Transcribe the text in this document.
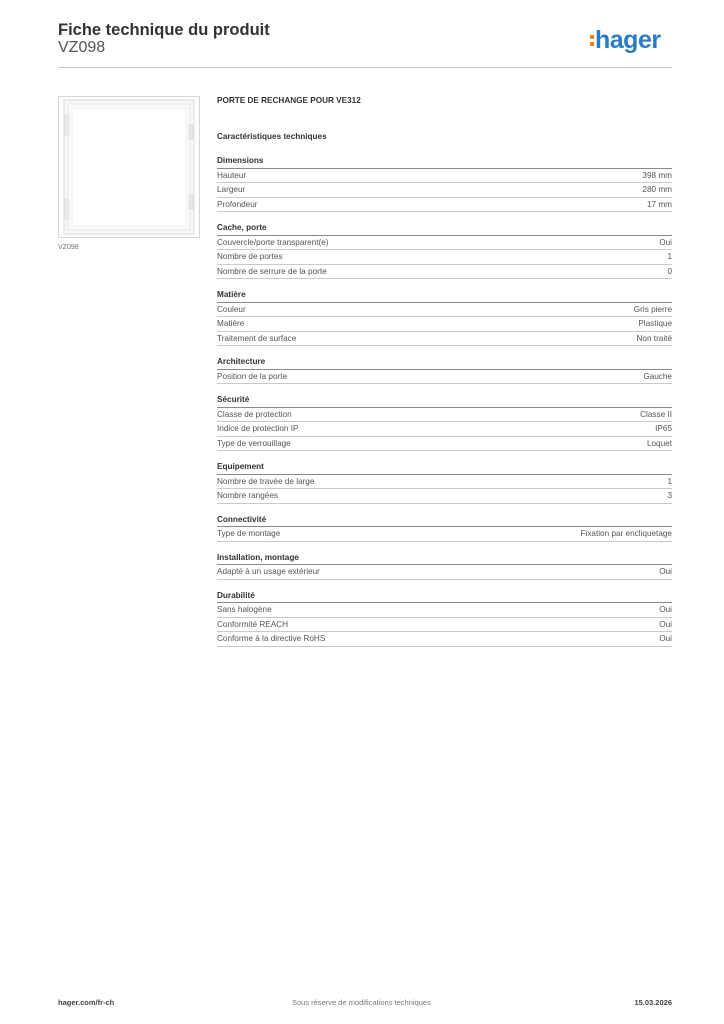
Fiche technique du produit
VZ098	hager
VZ098
PORTE DE RECHANGE POUR VE312
Caractéristiques techniques
Dimensions
Hauteur	398 mm
Largeur	280 mm
Profondeur	17 mm
Cache, porte
Couvercle/porte transparent(e)	Oui
Nombre de portes	1
Nombre de serrure de la porte	0
Matière
Couleur	Gris pierre
Matière	Plastique
Traitement de surface	Non traité
Architecture
Position de la porte	Gauche
Sécurité
Classe de protection	Classe II
Indice de protection IP	IP65
Type de verrouillage	Loquet
Equipement
Nombre de travée de large	1
Nombre rangées	3
Connectivité
Type de montage	Fixation par encliquetage
Installation, montage
Adapté à un usage extérieur	Oui
Durabilité
Sans halogène	Oui
Conformité REACH	Oui
Conforme à la directive RoHS	Oui
hager.com/fr-ch	Sous réserve de modifications techniques	15.03.2026
